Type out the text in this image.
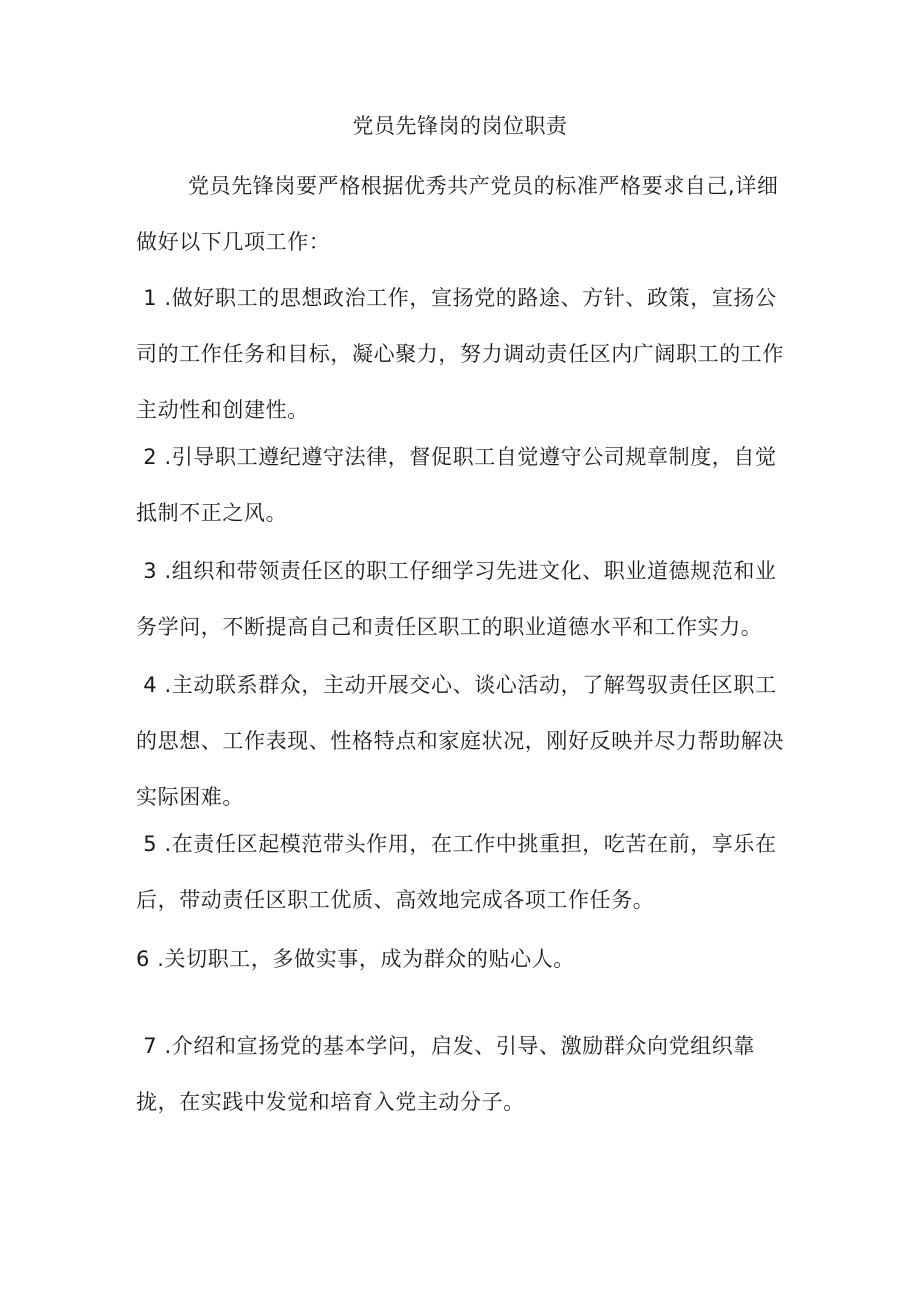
党员先锋岗的岗位职责
党员先锋岗要严格根据优秀共产党员的标准严格要求自己,详细做好以下几项工作：
1 .做好职工的思想政治工作，宣扬党的路途、方针、政策，宣扬公司的工作任务和目标，凝心聚力，努力调动责任区内广阔职工的工作主动性和创建性。
2 .引导职工遵纪遵守法律，督促职工自觉遵守公司规章制度，自觉抵制不正之风。
3 .组织和带领责任区的职工仔细学习先进文化、职业道德规范和业务学问，不断提高自己和责任区职工的职业道德水平和工作实力。
4 .主动联系群众，主动开展交心、谈心活动，了解驾驭责任区职工的思想、工作表现、性格特点和家庭状况，刚好反映并尽力帮助解决实际困难。
5 .在责任区起模范带头作用，在工作中挑重担，吃苦在前，享乐在后，带动责任区职工优质、高效地完成各项工作任务。
6 .关切职工，多做实事，成为群众的贴心人。
7 .介绍和宣扬党的基本学问，启发、引导、激励群众向党组织靠拢，在实践中发觉和培育入党主动分子。
